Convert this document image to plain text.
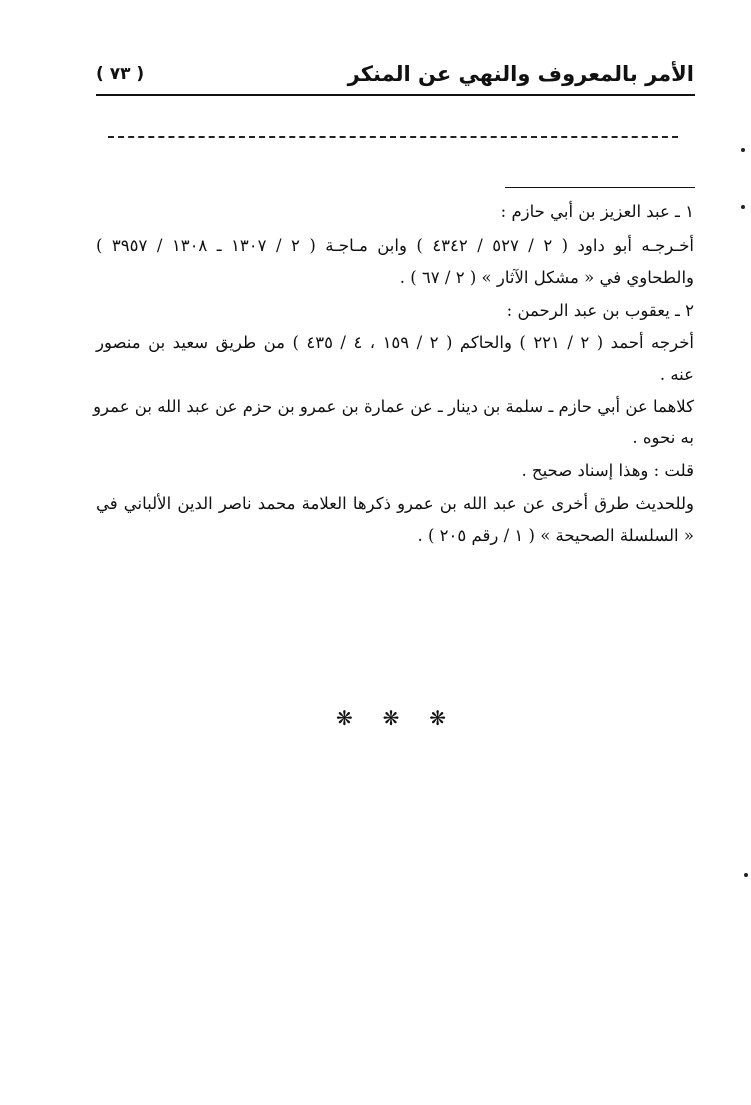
( ٧٣ )	الأمر بالمعروف والنهي عن المنكر
١ ـ عبد العزيز بن أبي حازم :
أخـرجـه أبو داود ( ٢ / ٥٢٧ / ٤٣٤٢ ) وابن مـاجـة ( ٢ / ١٣٠٧ ـ ١٣٠٨ / ٣٩٥٧ )
والطحاوي في « مشكل الآثار » ( ٢ / ٦٧ ) .
٢ ـ يعقوب بن عبد الرحمن :
أخرجه أحمد ( ٢ / ٢٢١ ) والحاكم ( ٢ / ١٥٩ ، ٤ / ٤٣٥ ) من طريق سعيد بن منصور
عنه .
كلاهما عن أبي حازم ـ سلمة بن دينار ـ عن عمارة بن عمرو بن حزم عن عبد الله بن عمرو
به نحوه .
قلت : وهذا إسناد صحيح .
وللحديث طرق أخرى عن عبد الله بن عمرو ذكرها العلامة محمد ناصر الدين الألباني في
« السلسلة الصحيحة » ( ١ / رقم ٢٠٥ ) .
❋ ❋ ❋
